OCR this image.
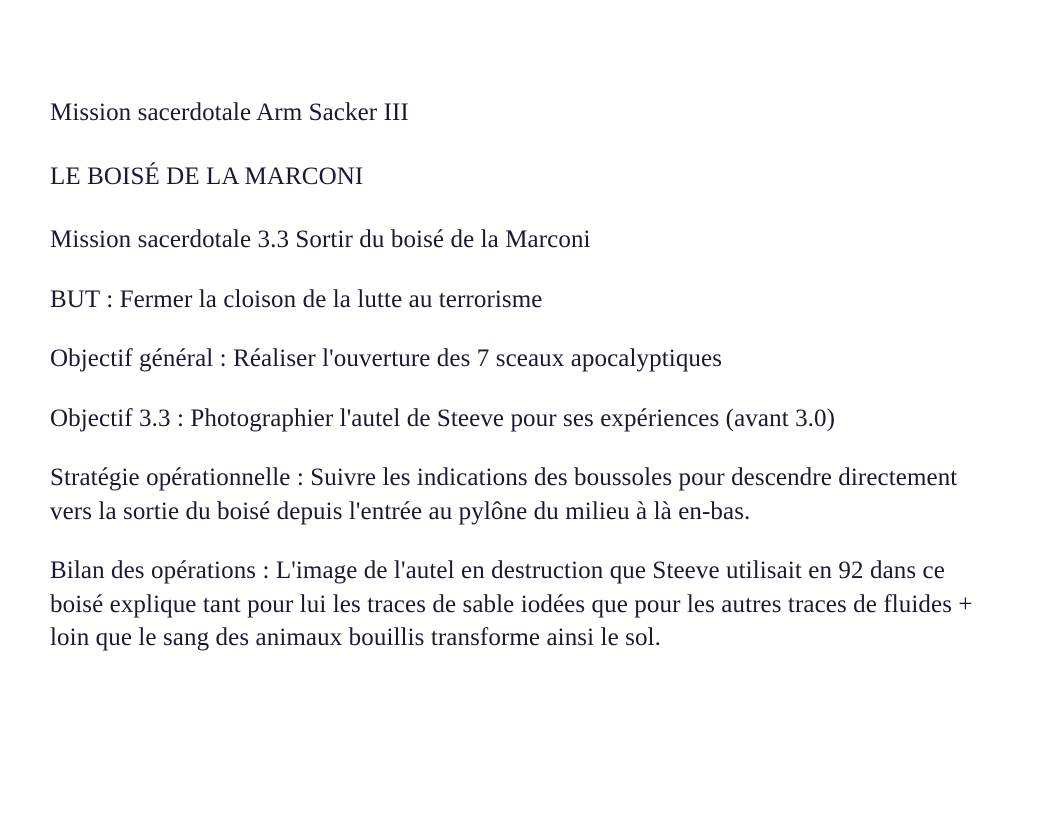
Mission sacerdotale Arm Sacker III

LE BOISÉ DE LA MARCONI

Mission sacerdotale 3.3 Sortir du boisé de la Marconi

BUT : Fermer la cloison de la lutte au terrorisme

Objectif général : Réaliser l'ouverture des 7 sceaux apocalyptiques

Objectif 3.3 : Photographier l'autel de Steeve pour ses expériences (avant 3.0)

Stratégie opérationnelle : Suivre les indications des boussoles pour descendre directement vers la sortie du boisé depuis l'entrée au pylône du milieu à là en-bas.

Bilan des opérations : L'image de l'autel en destruction que Steeve utilisait en 92 dans ce boisé explique tant pour lui les traces de sable iodées que pour les autres traces de fluides + loin que le sang des animaux bouillis transforme ainsi le sol.
